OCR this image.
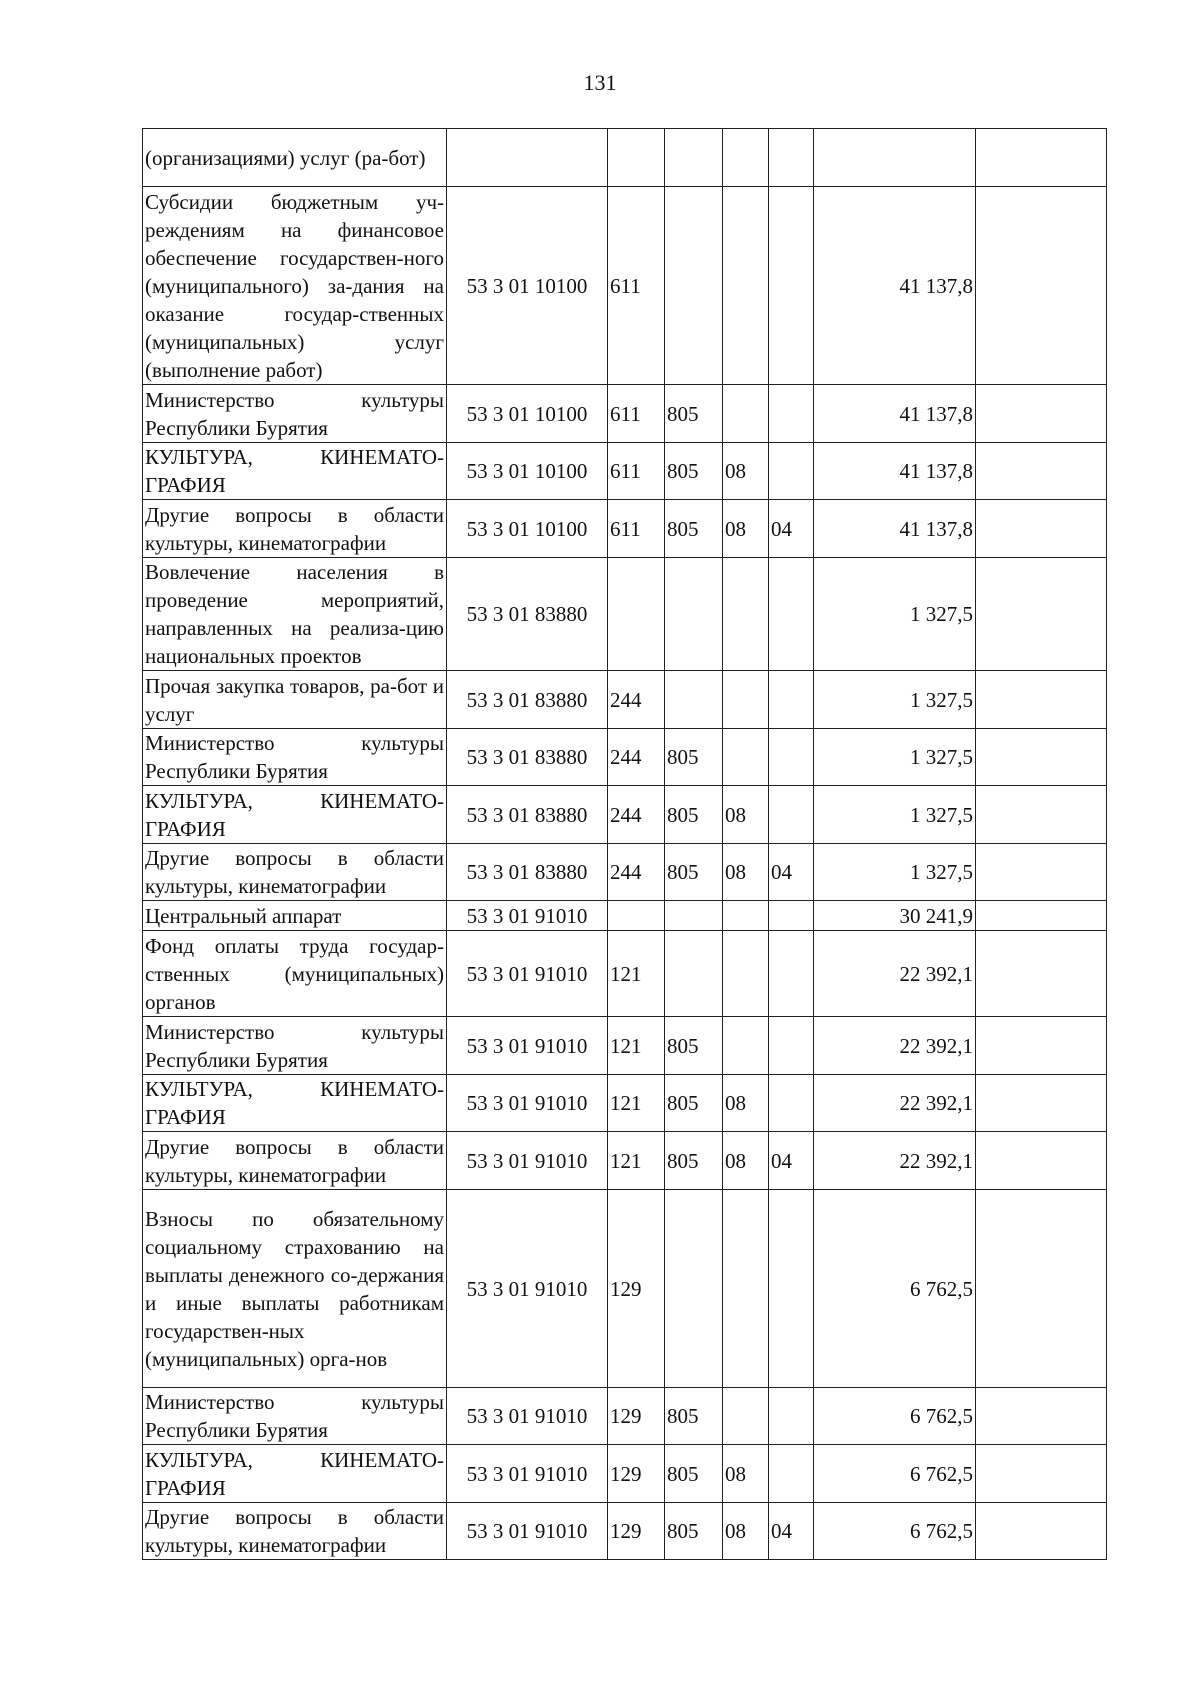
131
(организациями) услуг (ра-бот)							

Субсидии бюджетным уч-реждениям на финансовое обеспечение государствен-ного (муниципального) за-дания на оказание государ-ственных (муниципальных) услуг (выполнение работ)	53 3 01 10100	611				41 137,8	

Министерство культуры Республики Бурятия	53 3 01 10100	611	805			41 137,8	

КУЛЬТУРА, КИНЕМАТО-ГРАФИЯ	53 3 01 10100	611	805	08		41 137,8	

Другие вопросы в области культуры, кинематографии	53 3 01 10100	611	805	08	04	41 137,8	

Вовлечение населения в проведение мероприятий, направленных на реализа-цию национальных проектов	53 3 01 83880					1 327,5	

Прочая закупка товаров, ра-бот и услуг	53 3 01 83880	244				1 327,5	

Министерство культуры Республики Бурятия	53 3 01 83880	244	805			1 327,5	

КУЛЬТУРА, КИНЕМАТО-ГРАФИЯ	53 3 01 83880	244	805	08		1 327,5	

Другие вопросы в области культуры, кинематографии	53 3 01 83880	244	805	08	04	1 327,5	

Центральный аппарат	53 3 01 91010					30 241,9	

Фонд оплаты труда государ-ственных (муниципальных) органов	53 3 01 91010	121				22 392,1	

Министерство культуры Республики Бурятия	53 3 01 91010	121	805			22 392,1	

КУЛЬТУРА, КИНЕМАТО-ГРАФИЯ	53 3 01 91010	121	805	08		22 392,1	

Другие вопросы в области культуры, кинематографии	53 3 01 91010	121	805	08	04	22 392,1	

Взносы по обязательному социальному страхованию на выплаты денежного со-держания и иные выплаты работникам государствен-ных (муниципальных) орга-нов	53 3 01 91010	129				6 762,5	

Министерство культуры Республики Бурятия	53 3 01 91010	129	805			6 762,5	

КУЛЬТУРА, КИНЕМАТО-ГРАФИЯ	53 3 01 91010	129	805	08		6 762,5	

Другие вопросы в области культуры, кинематографии	53 3 01 91010	129	805	08	04	6 762,5	
